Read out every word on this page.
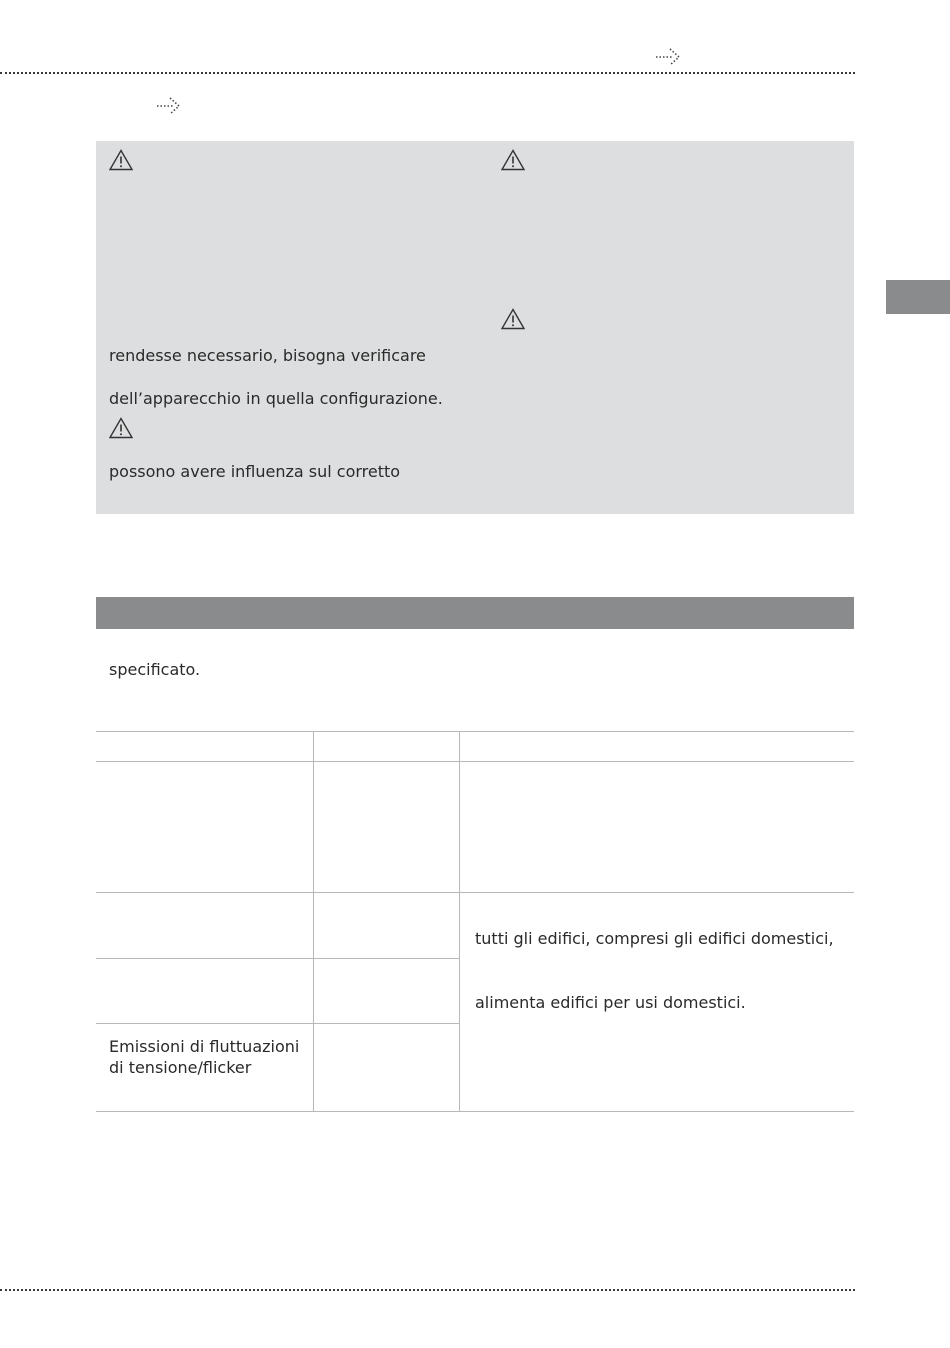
rendesse necessario, bisogna verificare
dell’apparecchio in quella configurazione.
possono avere influenza sul corretto
specificato.
tutti gli edifici, compresi gli edifici domestici,
alimenta edifici per usi domestici.
Emissioni di fluttuazioni
di tensione/flicker
